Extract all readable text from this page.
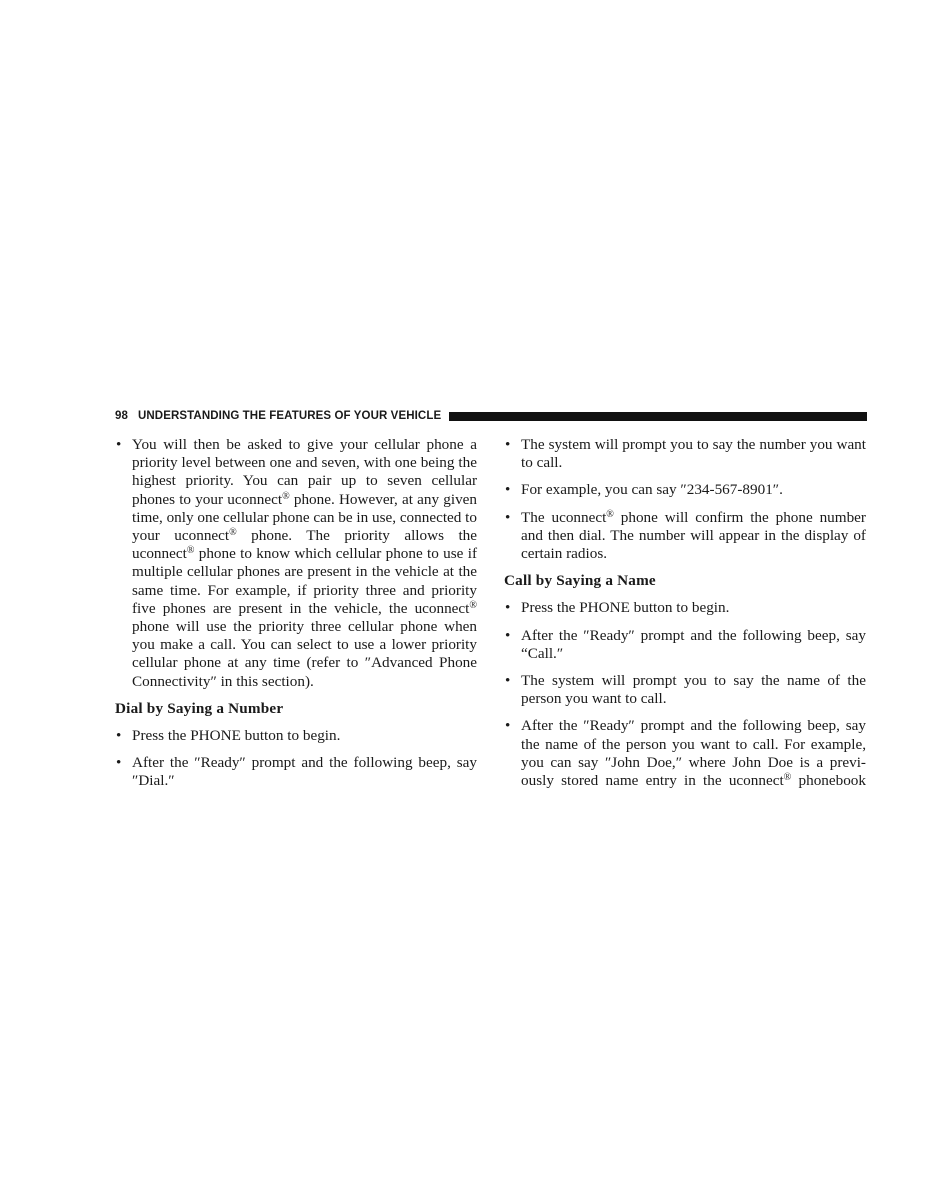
98 UNDERSTANDING THE FEATURES OF YOUR VEHICLE
• You will then be asked to give your cellular phone a priority level between one and seven, with one being the highest priority. You can pair up to seven cellular phones to your uconnect® phone. However, at any given time, only one cellular phone can be in use, connected to your uconnect® phone. The priority allows the uconnect® phone to know which cellular phone to use if multiple cellular phones are present in the vehicle at the same time. For example, if priority three and priority five phones are present in the vehicle, the uconnect® phone will use the priority three cellular phone when you make a call. You can select to use a lower priority cellular phone at any time (refer to ″Advanced Phone Connectivity″ in this section).
Dial by Saying a Number
• Press the PHONE button to begin.
• After the ″Ready″ prompt and the following beep, say ″Dial.″
• The system will prompt you to say the number you want to call.
• For example, you can say ″234-567-8901″.
• The uconnect® phone will confirm the phone number and then dial. The number will appear in the display of certain radios.
Call by Saying a Name
• Press the PHONE button to begin.
• After the ″Ready″ prompt and the following beep, say “Call.″
• The system will prompt you to say the name of the person you want to call.
• After the ″Ready″ prompt and the following beep, say the name of the person you want to call. For example, you can say ″John Doe,″ where John Doe is a previ-ously stored name entry in the uconnect® phonebook
